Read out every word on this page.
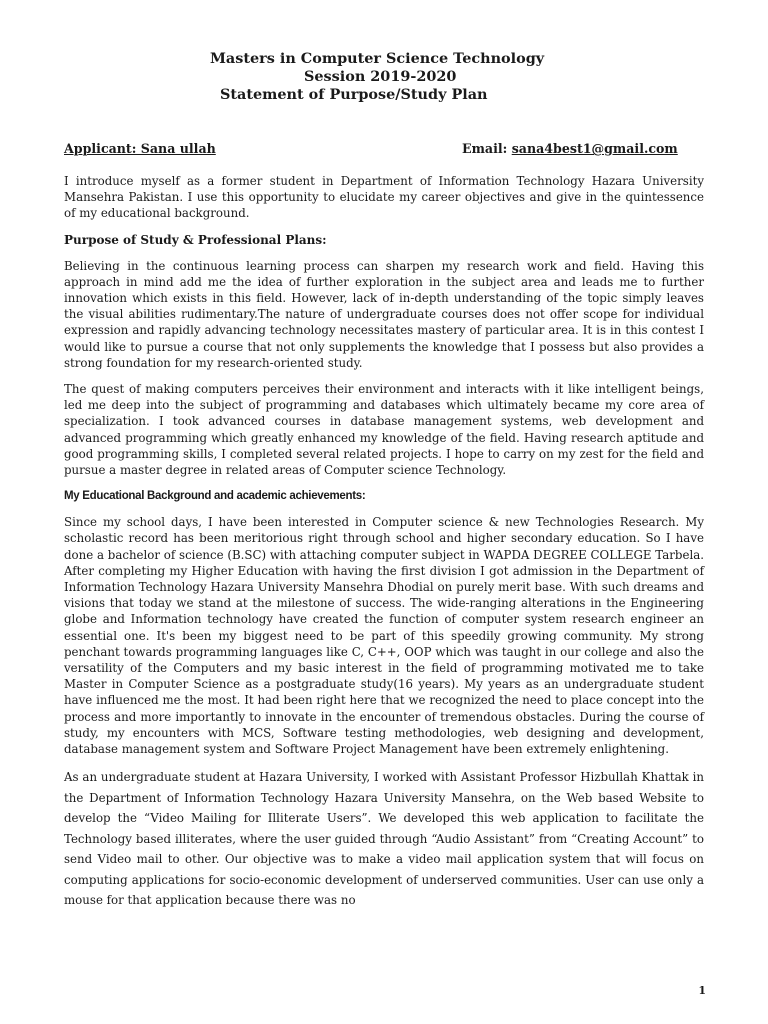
Masters in Computer Science Technology

Session 2019-2020

Statement of Purpose/Study Plan

Applicant: Sana ullah	Email: sana4best1@gmail.com

I introduce myself as a former student in Department of Information Technology Hazara University Mansehra Pakistan. I use this opportunity to elucidate my career objectives and give in the quintessence of my educational background.

Purpose of Study & Professional Plans:

Believing in the continuous learning process can sharpen my research work and field. Having this approach in mind add me the idea of further exploration in the subject area and leads me to further innovation which exists in this field. However, lack of in-depth understanding of the topic simply leaves the visual abilities rudimentary.The nature of undergraduate courses does not offer scope for individual expression and rapidly advancing technology necessitates mastery of particular area. It is in this contest I would like to pursue a course that not only supplements the knowledge that I possess but also provides a strong foundation for my research-oriented study.

The quest of making computers perceives their environment and interacts with it like intelligent beings, led me deep into the subject of programming and databases which ultimately became my core area of specialization. I took advanced courses in database management systems, web development and advanced programming which greatly enhanced my knowledge of the field. Having research aptitude and good programming skills, I completed several related projects. I hope to carry on my zest for the field and pursue a master degree in related areas of Computer science Technology.

My Educational Background and academic achievements:

Since my school days, I have been interested in Computer science & new Technologies Research. My scholastic record has been meritorious right through school and higher secondary education. So I have done a bachelor of science (B.SC) with attaching computer subject in WAPDA DEGREE COLLEGE Tarbela. After completing my Higher Education with having the first division I got admission in the Department of Information Technology Hazara University Mansehra Dhodial on purely merit base. With such dreams and visions that today we stand at the milestone of success. The wide-ranging alterations in the Engineering globe and Information technology have created the function of computer system research engineer an essential one. It's been my biggest need to be part of this speedily growing community. My strong penchant towards programming languages like C, C++, OOP which was taught in our college and also the versatility of the Computers and my basic interest in the field of programming motivated me to take Master in Computer Science as a postgraduate study(16 years). My years as an undergraduate student have influenced me the most. It had been right here that we recognized the need to place concept into the process and more importantly to innovate in the encounter of tremendous obstacles. During the course of study, my encounters with MCS, Software testing methodologies, web designing and development, database management system and Software Project Management have been extremely enlightening.

As an undergraduate student at Hazara University, I worked with Assistant Professor Hizbullah Khattak in the Department of Information Technology Hazara University Mansehra, on the Web based Website to develop the “Video Mailing for Illiterate Users”. We developed this web application to facilitate the Technology based illiterates, where the user guided through “Audio Assistant” from “Creating Account” to send Video mail to other. Our objective was to make a video mail application system that will focus on computing applications for socio-economic development of underserved communities. User can use only a mouse for that application because there was no

1
